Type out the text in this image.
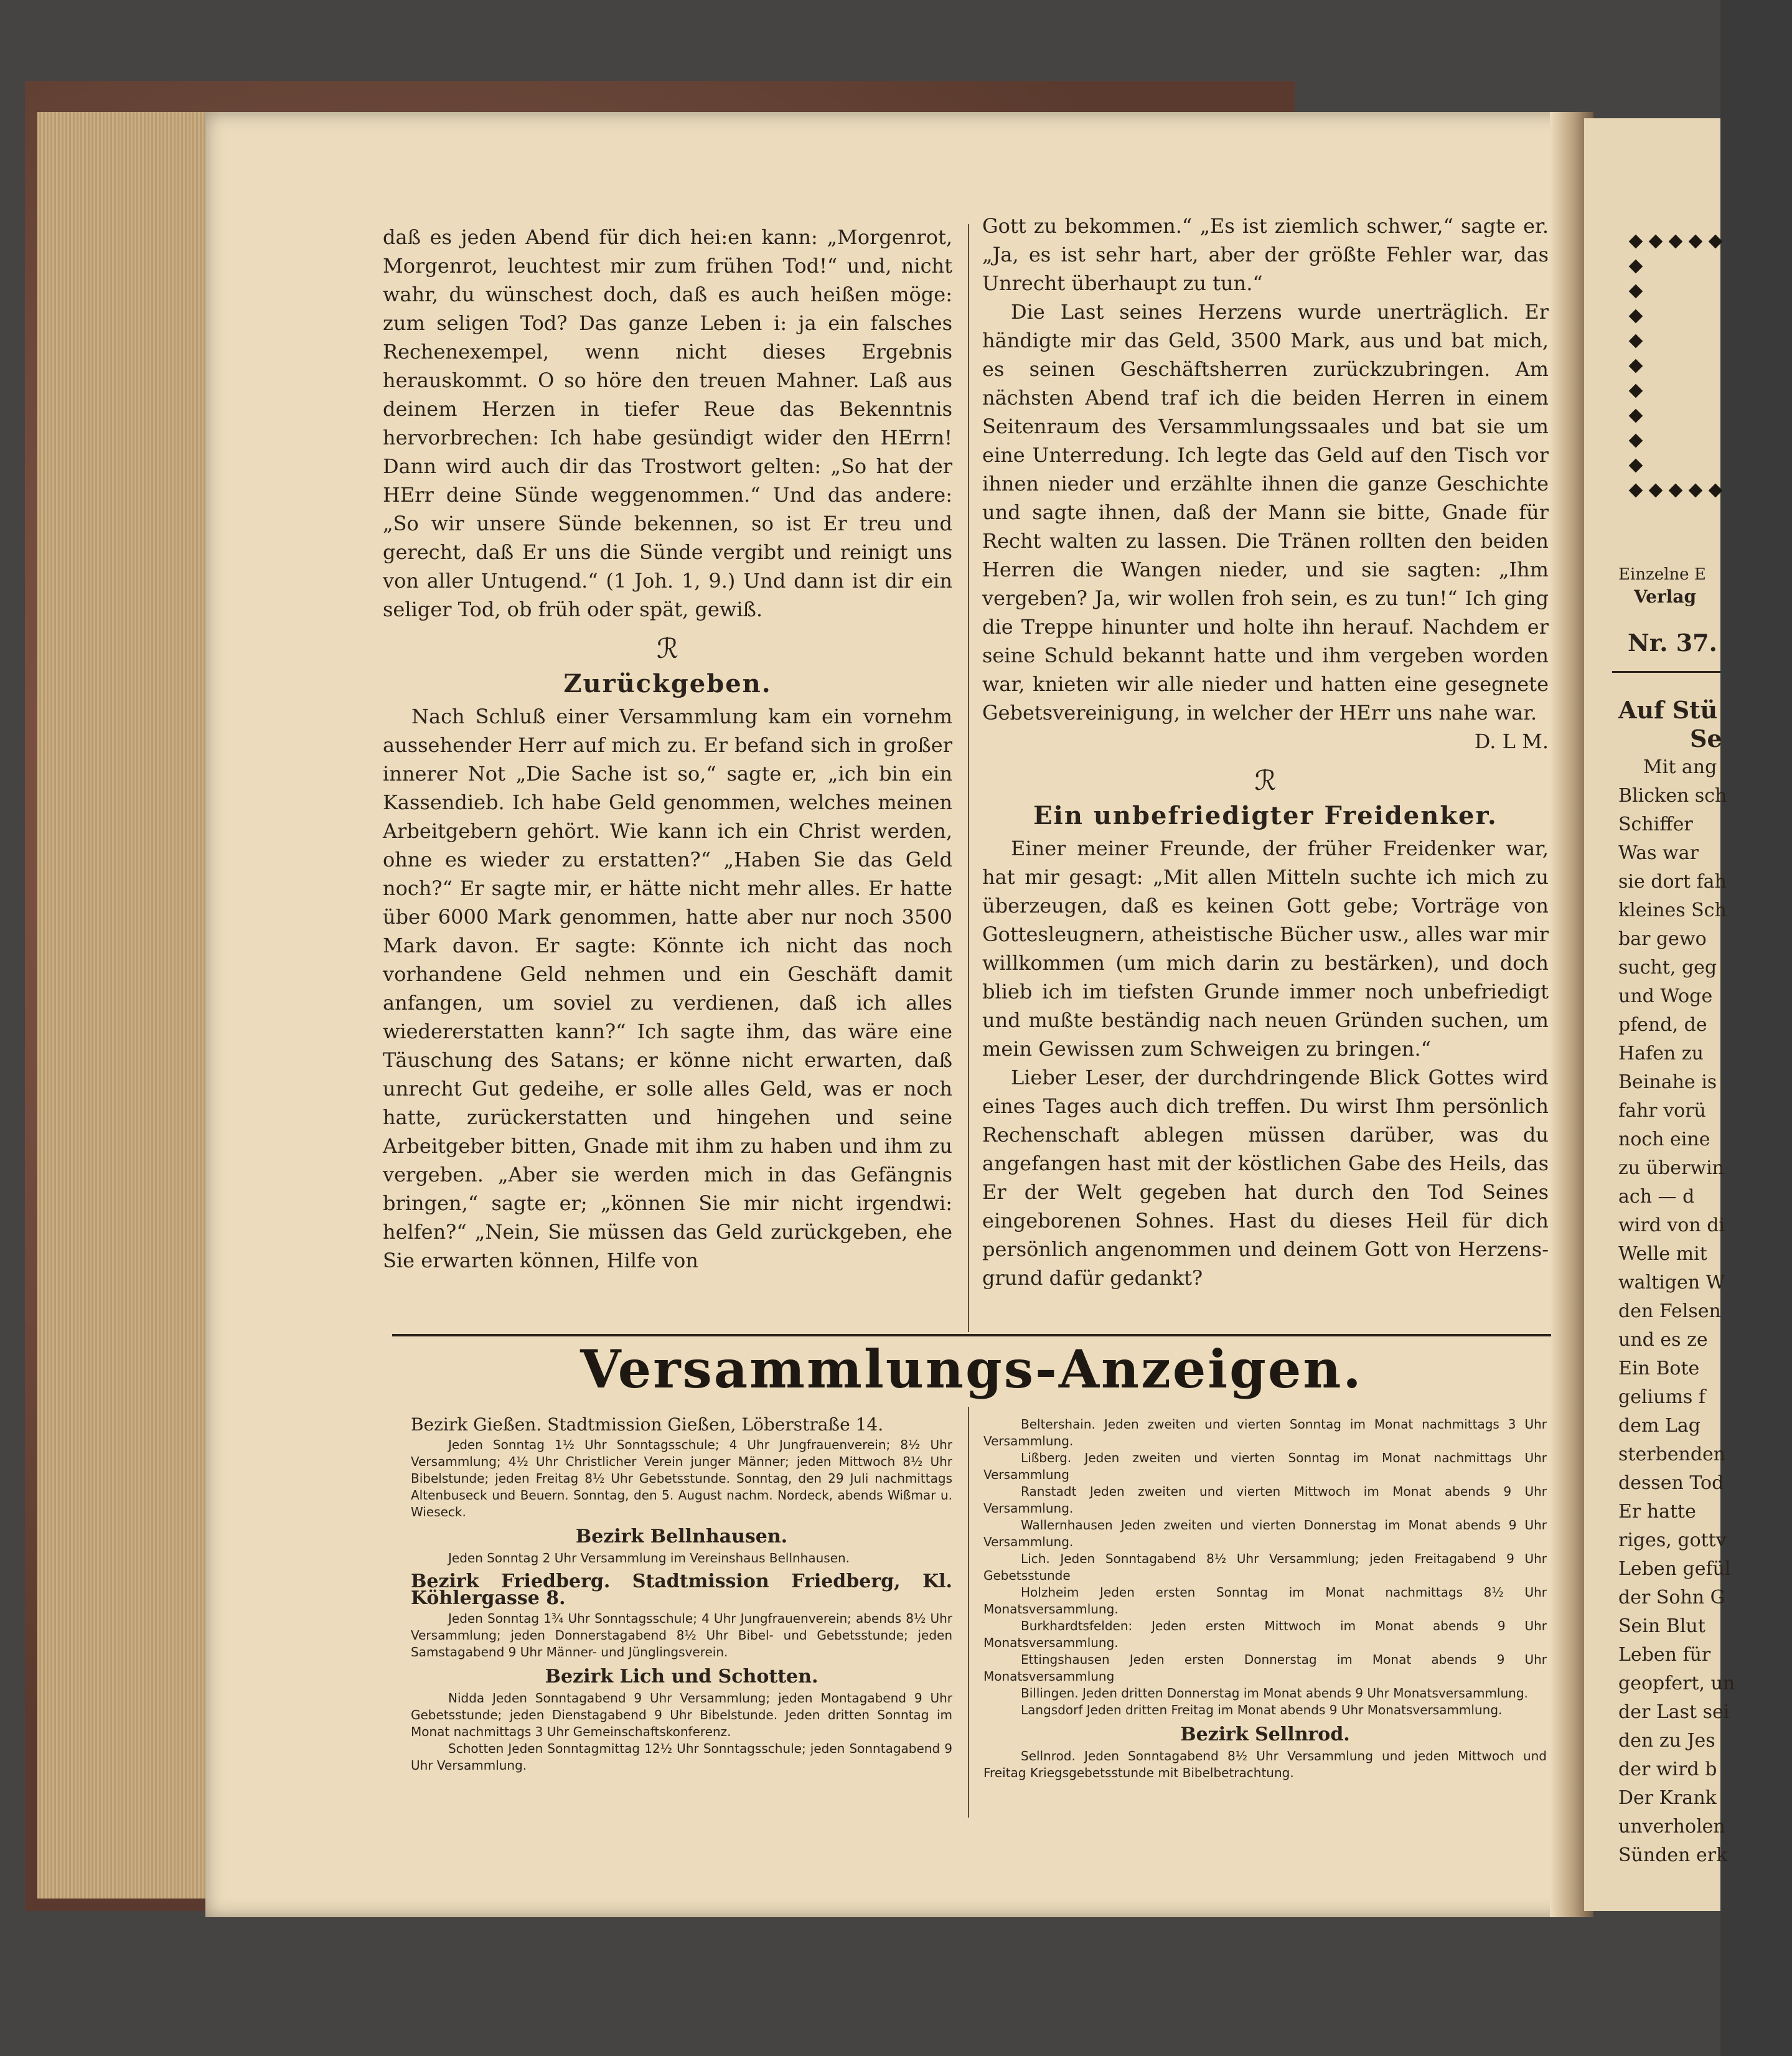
daß es jeden Abend für dich hei:en kann: „Morgenrot, Morgenrot, leuchtest mir zum frühen Tod!“ und, nicht wahr, du wünschest doch, daß es auch heißen möge: zum seligen Tod? Das ganze Leben i: ja ein falsches Rechenexempel, wenn nicht dieses Ergebnis herauskommt. O so höre den treuen Mahner. Laß aus deinem Herzen in tiefer Reue das Bekenntnis hervorbrechen: Ich habe gesündigt wider den HErrn! Dann wird auch dir das Trostwort gelten: „So hat der HErr deine Sünde weggenommen.“ Und das andere: „So wir unsere Sünde bekennen, so ist Er treu und gerecht, daß Er uns die Sünde vergibt und reinigt uns von aller Untugend.“ (1 Joh. 1, 9.) Und dann ist dir ein seliger Tod, ob früh oder spät, gewiß.

ℛ
Zurückgeben.

Nach Schluß einer Versammlung kam ein vornehm aussehender Herr auf mich zu. Er befand sich in großer innerer Not „Die Sache ist so,“ sagte er, „ich bin ein Kassendieb. Ich habe Geld genommen, welches meinen Arbeitgebern gehört. Wie kann ich ein Christ werden, ohne es wieder zu erstatten?“ „Haben Sie das Geld noch?“ Er sagte mir, er hätte nicht mehr alles. Er hatte über 6000 Mark genommen, hatte aber nur noch 3500 Mark davon. Er sagte: Könnte ich nicht das noch vorhandene Geld nehmen und ein Geschäft damit anfangen, um soviel zu verdienen, daß ich alles wiedererstatten kann?“ Ich sagte ihm, das wäre eine Täuschung des Satans; er könne nicht erwarten, daß unrecht Gut gedeihe, er solle alles Geld, was er noch hatte, zurückerstatten und hingehen und seine Arbeitgeber bitten, Gnade mit ihm zu haben und ihm zu vergeben. „Aber sie werden mich in das Gefängnis bringen,“ sagte er; „können Sie mir nicht irgendwi: helfen?“ „Nein, Sie müssen das Geld zurückgeben, ehe Sie erwarten können, Hilfe von

Gott zu bekommen.“ „Es ist ziemlich schwer,“ sagte er. „Ja, es ist sehr hart, aber der größte Fehler war, das Unrecht überhaupt zu tun.“

Die Last seines Herzens wurde unerträglich. Er händigte mir das Geld, 3500 Mark, aus und bat mich, es seinen Geschäftsherren zurückzubringen. Am nächsten Abend traf ich die beiden Herren in einem Seitenraum des Versammlungssaales und bat sie um eine Unterredung. Ich legte das Geld auf den Tisch vor ihnen nieder und erzählte ihnen die ganze Geschichte und sagte ihnen, daß der Mann sie bitte, Gnade für Recht walten zu lassen. Die Tränen rollten den beiden Herren die Wangen nieder, und sie sagten: „Ihm vergeben? Ja, wir wollen froh sein, es zu tun!“ Ich ging die Treppe hinunter und holte ihn herauf. Nachdem er seine Schuld bekannt hatte und ihm vergeben worden war, knieten wir alle nieder und hatten eine gesegnete Gebetsvereinigung, in welcher der HErr uns nahe war.

D. L M.

ℛ
Ein unbefriedigter Freidenker.

Einer meiner Freunde, der früher Freidenker war, hat mir gesagt: „Mit allen Mitteln suchte ich mich zu überzeugen, daß es keinen Gott gebe; Vorträge von Gottesleugnern, atheistische Bücher usw., alles war mir willkommen (um mich darin zu bestärken), und doch blieb ich im tiefsten Grunde immer noch unbefriedigt und mußte beständig nach neuen Gründen suchen, um mein Gewissen zum Schweigen zu bringen.“

Lieber Leser, der durchdringende Blick Gottes wird eines Tages auch dich treffen. Du wirst Ihm persönlich Rechenschaft ablegen müssen darüber, was du angefangen hast mit der köstlichen Gabe des Heils, das Er der Welt gegeben hat durch den Tod Seines eingeborenen Sohnes. Hast du dieses Heil für dich persönlich angenommen und deinem Gott von Herzens-grund dafür gedankt?

Versammlungs-Anzeigen.

Bezirk Gießen. Stadtmission Gießen, Löberstraße 14.

Jeden Sonntag 1½ Uhr Sonntagsschule; 4 Uhr Jungfrauenverein; 8½ Uhr Versammlung; 4½ Uhr Christlicher Verein junger Männer; jeden Mittwoch 8½ Uhr Bibelstunde; jeden Freitag 8½ Uhr Gebetsstunde. Sonntag, den 29 Juli nachmittags Altenbuseck und Beuern. Sonntag, den 5. August nachm. Nordeck, abends Wißmar u. Wieseck.

Bezirk Bellnhausen.

Jeden Sonntag 2 Uhr Versammlung im Vereinshaus Bellnhausen.

Bezirk Friedberg. Stadtmission Friedberg, Kl. Köhlergasse 8.

Jeden Sonntag 1¾ Uhr Sonntagsschule; 4 Uhr Jungfrauenverein; abends 8½ Uhr Versammlung; jeden Donnerstagabend 8½ Uhr Bibel- und Gebetsstunde; jeden Samstagabend 9 Uhr Männer- und Jünglingsverein.

Bezirk Lich und Schotten.

Nidda Jeden Sonntagabend 9 Uhr Versammlung; jeden Montagabend 9 Uhr Gebetsstunde; jeden Dienstagabend 9 Uhr Bibelstunde. Jeden dritten Sonntag im Monat nachmittags 3 Uhr Gemeinschaftskonferenz.

Schotten Jeden Sonntagmittag 12½ Uhr Sonntagsschule; jeden Sonntagabend 9 Uhr Versammlung.

Beltershain. Jeden zweiten und vierten Sonntag im Monat nachmittags 3 Uhr Versammlung.

Lißberg. Jeden zweiten und vierten Sonntag im Monat nachmittags Uhr Versammlung

Ranstadt Jeden zweiten und vierten Mittwoch im Monat abends 9 Uhr Versammlung.

Wallernhausen Jeden zweiten und vierten Donnerstag im Monat abends 9 Uhr Versammlung.

Lich. Jeden Sonntagabend 8½ Uhr Versammlung; jeden Freitagabend 9 Uhr Gebetsstunde

Holzheim Jeden ersten Sonntag im Monat nachmittags 8½ Uhr Monatsversammlung.

Burkhardtsfelden: Jeden ersten Mittwoch im Monat abends 9 Uhr Monatsversammlung.

Ettingshausen Jeden ersten Donnerstag im Monat abends 9 Uhr Monatsversammlung

Billingen. Jeden dritten Donnerstag im Monat abends 9 Uhr Monatsversammlung.

Langsdorf Jeden dritten Freitag im Monat abends 9 Uhr Monatsversammlung.

Bezirk Sellnrod.

Sellnrod. Jeden Sonntagabend 8½ Uhr Versammlung und jeden Mittwoch und Freitag Kriegsgebetsstunde mit Bibelbetrachtung.

Einzelne E
Verlag
Nr. 37.
Auf Stü
Se
Mit ang
Blicken sch
Schiffer
Was war
sie dort fah
kleines Sch
bar gewo
sucht, geg
und Woge
pfend, de
Hafen zu
Beinahe is
fahr vorü
noch eine
zu überwin
ach — d
wird von di
Welle mit
waltigen W
den Felsen
und es ze
Ein Bote
geliums f
dem Lag
sterbenden
dessen Tod
Er hatte
riges, gottv
Leben gefül
der Sohn G
Sein Blut
Leben für
geopfert, un
der Last sei
den zu Jes
der wird b
Der Krank
unverholen
Sünden erk
